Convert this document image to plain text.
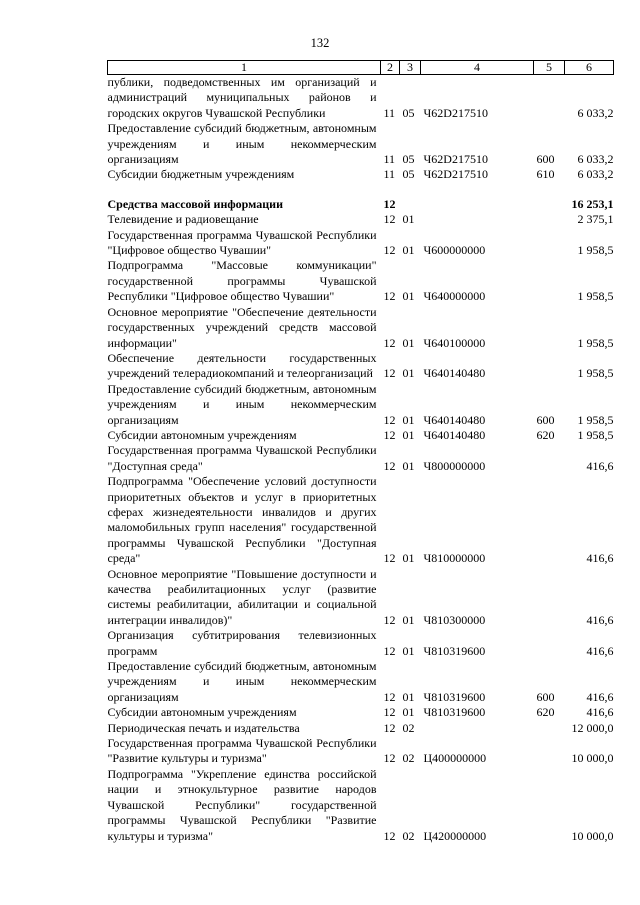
132
1	2	3	4	5	6
публики, подведомственных им организаций и администраций муниципальных районов и городских округов Чувашской Республики	11	05	Ч62D217510		6 033,2
Предоставление субсидий бюджетным, автономным учреждениям и иным некоммерческим организациям	11	05	Ч62D217510	600	6 033,2
Субсидии бюджетным учреждениям	11	05	Ч62D217510	610	6 033,2

Средства массовой информации	12				16 253,1
Телевидение и радиовещание	12	01			2 375,1
Государственная программа Чувашской Республики "Цифровое общество Чувашии"	12	01	Ч600000000		1 958,5
Подпрограмма "Массовые коммуникации" государственной программы Чувашской Республики "Цифровое общество Чувашии"	12	01	Ч640000000		1 958,5
Основное мероприятие "Обеспечение деятельности государственных учреждений средств массовой информации"	12	01	Ч640100000		1 958,5
Обеспечение деятельности государственных учреждений телерадиокомпаний и телеорганизаций	12	01	Ч640140480		1 958,5
Предоставление субсидий бюджетным, автономным учреждениям и иным некоммерческим организациям	12	01	Ч640140480	600	1 958,5
Субсидии автономным учреждениям	12	01	Ч640140480	620	1 958,5
Государственная программа Чувашской Республики "Доступная среда"	12	01	Ч800000000		416,6
Подпрограмма "Обеспечение условий доступности приоритетных объектов и услуг в приоритетных сферах жизнедеятельности инвалидов и других маломобильных групп населения" государственной программы Чувашской Республики "Доступная среда"	12	01	Ч810000000		416,6
Основное мероприятие "Повышение доступности и качества реабилитационных услуг (развитие системы реабилитации, абилитации и социальной интеграции инвалидов)"	12	01	Ч810300000		416,6
Организация субтитрирования телевизионных программ	12	01	Ч810319600		416,6
Предоставление субсидий бюджетным, автономным учреждениям и иным некоммерческим организациям	12	01	Ч810319600	600	416,6
Субсидии автономным учреждениям	12	01	Ч810319600	620	416,6
Периодическая печать и издательства	12	02			12 000,0
Государственная программа Чувашской Республики "Развитие культуры и туризма"	12	02	Ц400000000		10 000,0
Подпрограмма "Укрепление единства российской нации и этнокультурное развитие народов Чувашской Республики" государственной программы Чувашской Республики "Развитие культуры и туризма"	12	02	Ц420000000		10 000,0
